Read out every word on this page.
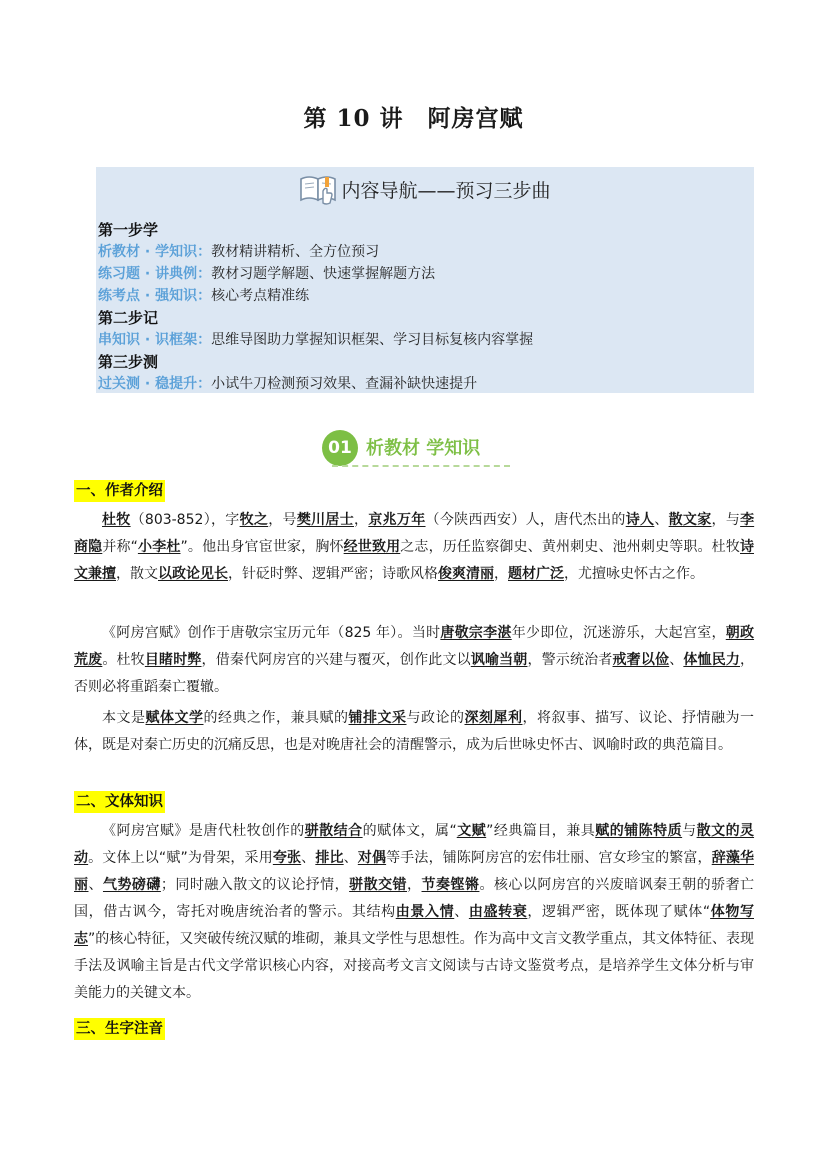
第 10 讲　阿房宫赋
内容导航——预习三步曲
第一步学
析教材 · 学知识：教材精讲精析、全方位预习
练习题 · 讲典例：教材习题学解题、快速掌握解题方法
练考点 · 强知识：核心考点精准练
第二步记
串知识 · 识框架：思维导图助力掌握知识框架、学习目标复核内容掌握
第三步测
过关测 · 稳提升：小试牛刀检测预习效果、查漏补缺快速提升
01 析教材 学知识
一、作者介绍
杜牧（803-852），字牧之，号樊川居士，京兆万年（今陕西西安）人，唐代杰出的诗人、散文家，与李商隐并称“小李杜”。他出身官宦世家，胸怀经世致用之志，历任监察御史、黄州刺史、池州刺史等职。杜牧诗文兼擅，散文以政论见长，针砭时弊、逻辑严密；诗歌风格俊爽清丽，题材广泛，尤擅咏史怀古之作。
《阿房宫赋》创作于唐敬宗宝历元年（825 年）。当时唐敬宗李湛年少即位，沉迷游乐，大起宫室，朝政荒废。杜牧目睹时弊，借秦代阿房宫的兴建与覆灭，创作此文以讽喻当朝，警示统治者戒奢以俭、体恤民力，否则必将重蹈秦亡覆辙。
本文是赋体文学的经典之作，兼具赋的铺排文采与政论的深刻犀利，将叙事、描写、议论、抒情融为一体，既是对秦亡历史的沉痛反思，也是对晚唐社会的清醒警示，成为后世咏史怀古、讽喻时政的典范篇目。
二、文体知识
《阿房宫赋》是唐代杜牧创作的骈散结合的赋体文，属“文赋”经典篇目，兼具赋的铺陈特质与散文的灵动。文体上以“赋”为骨架，采用夸张、排比、对偶等手法，铺陈阿房宫的宏伟壮丽、宫女珍宝的繁富，辞藻华丽、气势磅礴；同时融入散文的议论抒情，骈散交错，节奏铿锵。核心以阿房宫的兴废暗讽秦王朝的骄奢亡国，借古讽今，寄托对晚唐统治者的警示。其结构由景入情、由盛转衰，逻辑严密，既体现了赋体“体物写志”的核心特征，又突破传统汉赋的堆砌，兼具文学性与思想性。作为高中文言文教学重点，其文体特征、表现手法及讽喻主旨是古代文学常识核心内容，对接高考文言文阅读与古诗文鉴赏考点，是培养学生文体分析与审美能力的关键文本。
三、生字注音
